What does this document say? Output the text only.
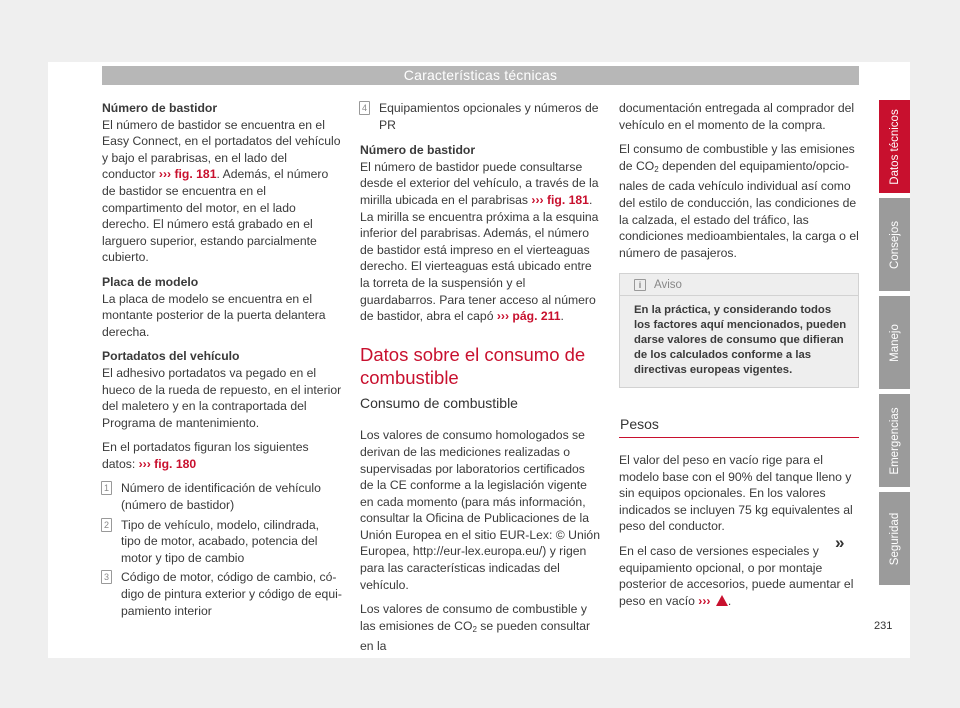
Características técnicas
Número de bastidor

El número de bastidor se encuentra en el Easy Connect, en el portadatos del vehículo y bajo el parabrisas, en el lado del conductor ››› fig. 181. Además, el número de bastidor se encuentra en el compartimento del motor, en el lado derecho. El número está grabado en el larguero superior, estando parcialmente cubierto.

Placa de modelo

La placa de modelo se encuentra en el montante posterior de la puerta delantera derecha.

Portadatos del vehículo

El adhesivo portadatos va pegado en el hueco de la rueda de repuesto, en el interior del maletero y en la contraportada del Programa de mantenimiento.

En el portadatos figuran los siguientes datos: ››› fig. 180

1 Número de identificación de vehículo (número de bastidor)
2 Tipo de vehículo, modelo, cilindrada, tipo de motor, acabado, potencia del motor y tipo de cambio
3 Código de motor, código de cambio, código de pintura exterior y código de equipamiento interior
4 Equipamientos opcionales y números de PR
Número de bastidor

El número de bastidor puede consultarse desde el exterior del vehículo, a través de la mirilla ubicada en el parabrisas ››› fig. 181. La mirilla se encuentra próxima a la esquina inferior del parabrisas. Además, el número de bastidor está impreso en el vierteaguas derecho. El vierteaguas está ubicado entre la torreta de la suspensión y el guardabarros. Para tener acceso al número de bastidor, abra el capó ››› pág. 211.

Datos sobre el consumo de combustible
Consumo de combustible

Los valores de consumo homologados se derivan de las mediciones realizadas o supervisadas por laboratorios certificados de la CE conforme a la legislación vigente en cada momento (para más información, consultar la Oficina de Publicaciones de la Unión Europea en el sitio EUR-Lex: © Unión Europea, http://eur-lex.europa.eu/) y rigen para las características indicadas del vehículo.

Los valores de consumo de combustible y las emisiones de $CO_2$ se pueden consultar en la

documentación entregada al comprador del vehículo en el momento de la compra.

El consumo de combustible y las emisiones de $CO_2$ dependen del equipamiento/opcionales de cada vehículo individual así como del estilo de conducción, las condiciones de la calzada, el estado del tráfico, las condiciones medioambientales, la carga o el número de pasajeros.

i	Aviso
En la práctica, y considerando todos los factores aquí mencionados, pueden darse valores de consumo que difieran de los calculados conforme a las directivas europeas vigentes.
Pesos

El valor del peso en vacío rige para el modelo base con el 90% del tanque lleno y sin equipos opcionales. En los valores indicados se incluyen 75 kg equivalentes al peso del conductor.

En el caso de versiones especiales y equipamiento opcional, o por montaje posterior de accesorios, puede aumentar el peso en vacío ››› .

»
Datos técnicos
Consejos
Manejo
Emergencias
Seguridad
231
